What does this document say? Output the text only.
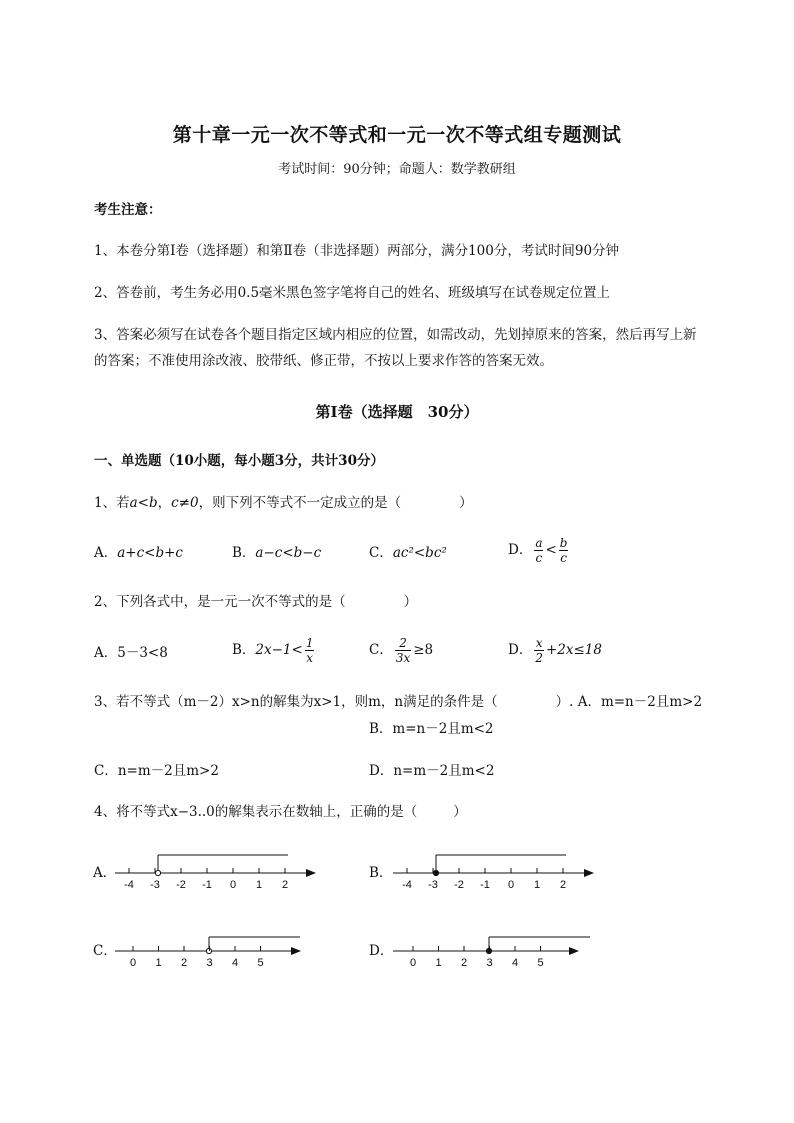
第十章一元一次不等式和一元一次不等式组专题测试
考试时间：90分钟；命题人：数学教研组
考生注意：
1、本卷分第I卷（选择题）和第Ⅱ卷（非选择题）两部分，满分100分，考试时间90分钟
2、答卷前，考生务必用0.5毫米黑色签字笔将自己的姓名、班级填写在试卷规定位置上
3、答案必须写在试卷各个题目指定区域内相应的位置，如需改动，先划掉原来的答案，然后再写上新
的答案；不准使用涂改液、胶带纸、修正带，不按以上要求作答的答案无效。
第I卷（选择题　30分）
一、单选题（10小题，每小题3分，共计30分）
1、若a<b，c≠0，则下列不等式不一定成立的是（	）
A．a+c<b+c	B．a−c<b−c	C．ac²<bc²	D． $\frac{a}{c} < \frac{b}{c}$
2、下列各式中，是一元一次不等式的是（	）
A．5－3<8	B．$2x-1< \frac{1}{x}$	C． $\frac{2}{3x} \ge 8$	D． $\frac{x}{2} +2x\le 18$
3、若不等式（m－2）x>n的解集为x>1，则m，n满足的条件是（	）. A．m=n－2且m>2
B．m=n－2且m<2
C．n=m－2且m>2	D．n=m－2且m<2
4、将不等式x−3..0的解集表示在数轴上，正确的是（	）
A．
-4 -3 -2 -1 0 1 2
B．
-4 -3 -2 -1 0 1 2
C．
0 1 2 3 4 5
D．
0 1 2 3 4 5
